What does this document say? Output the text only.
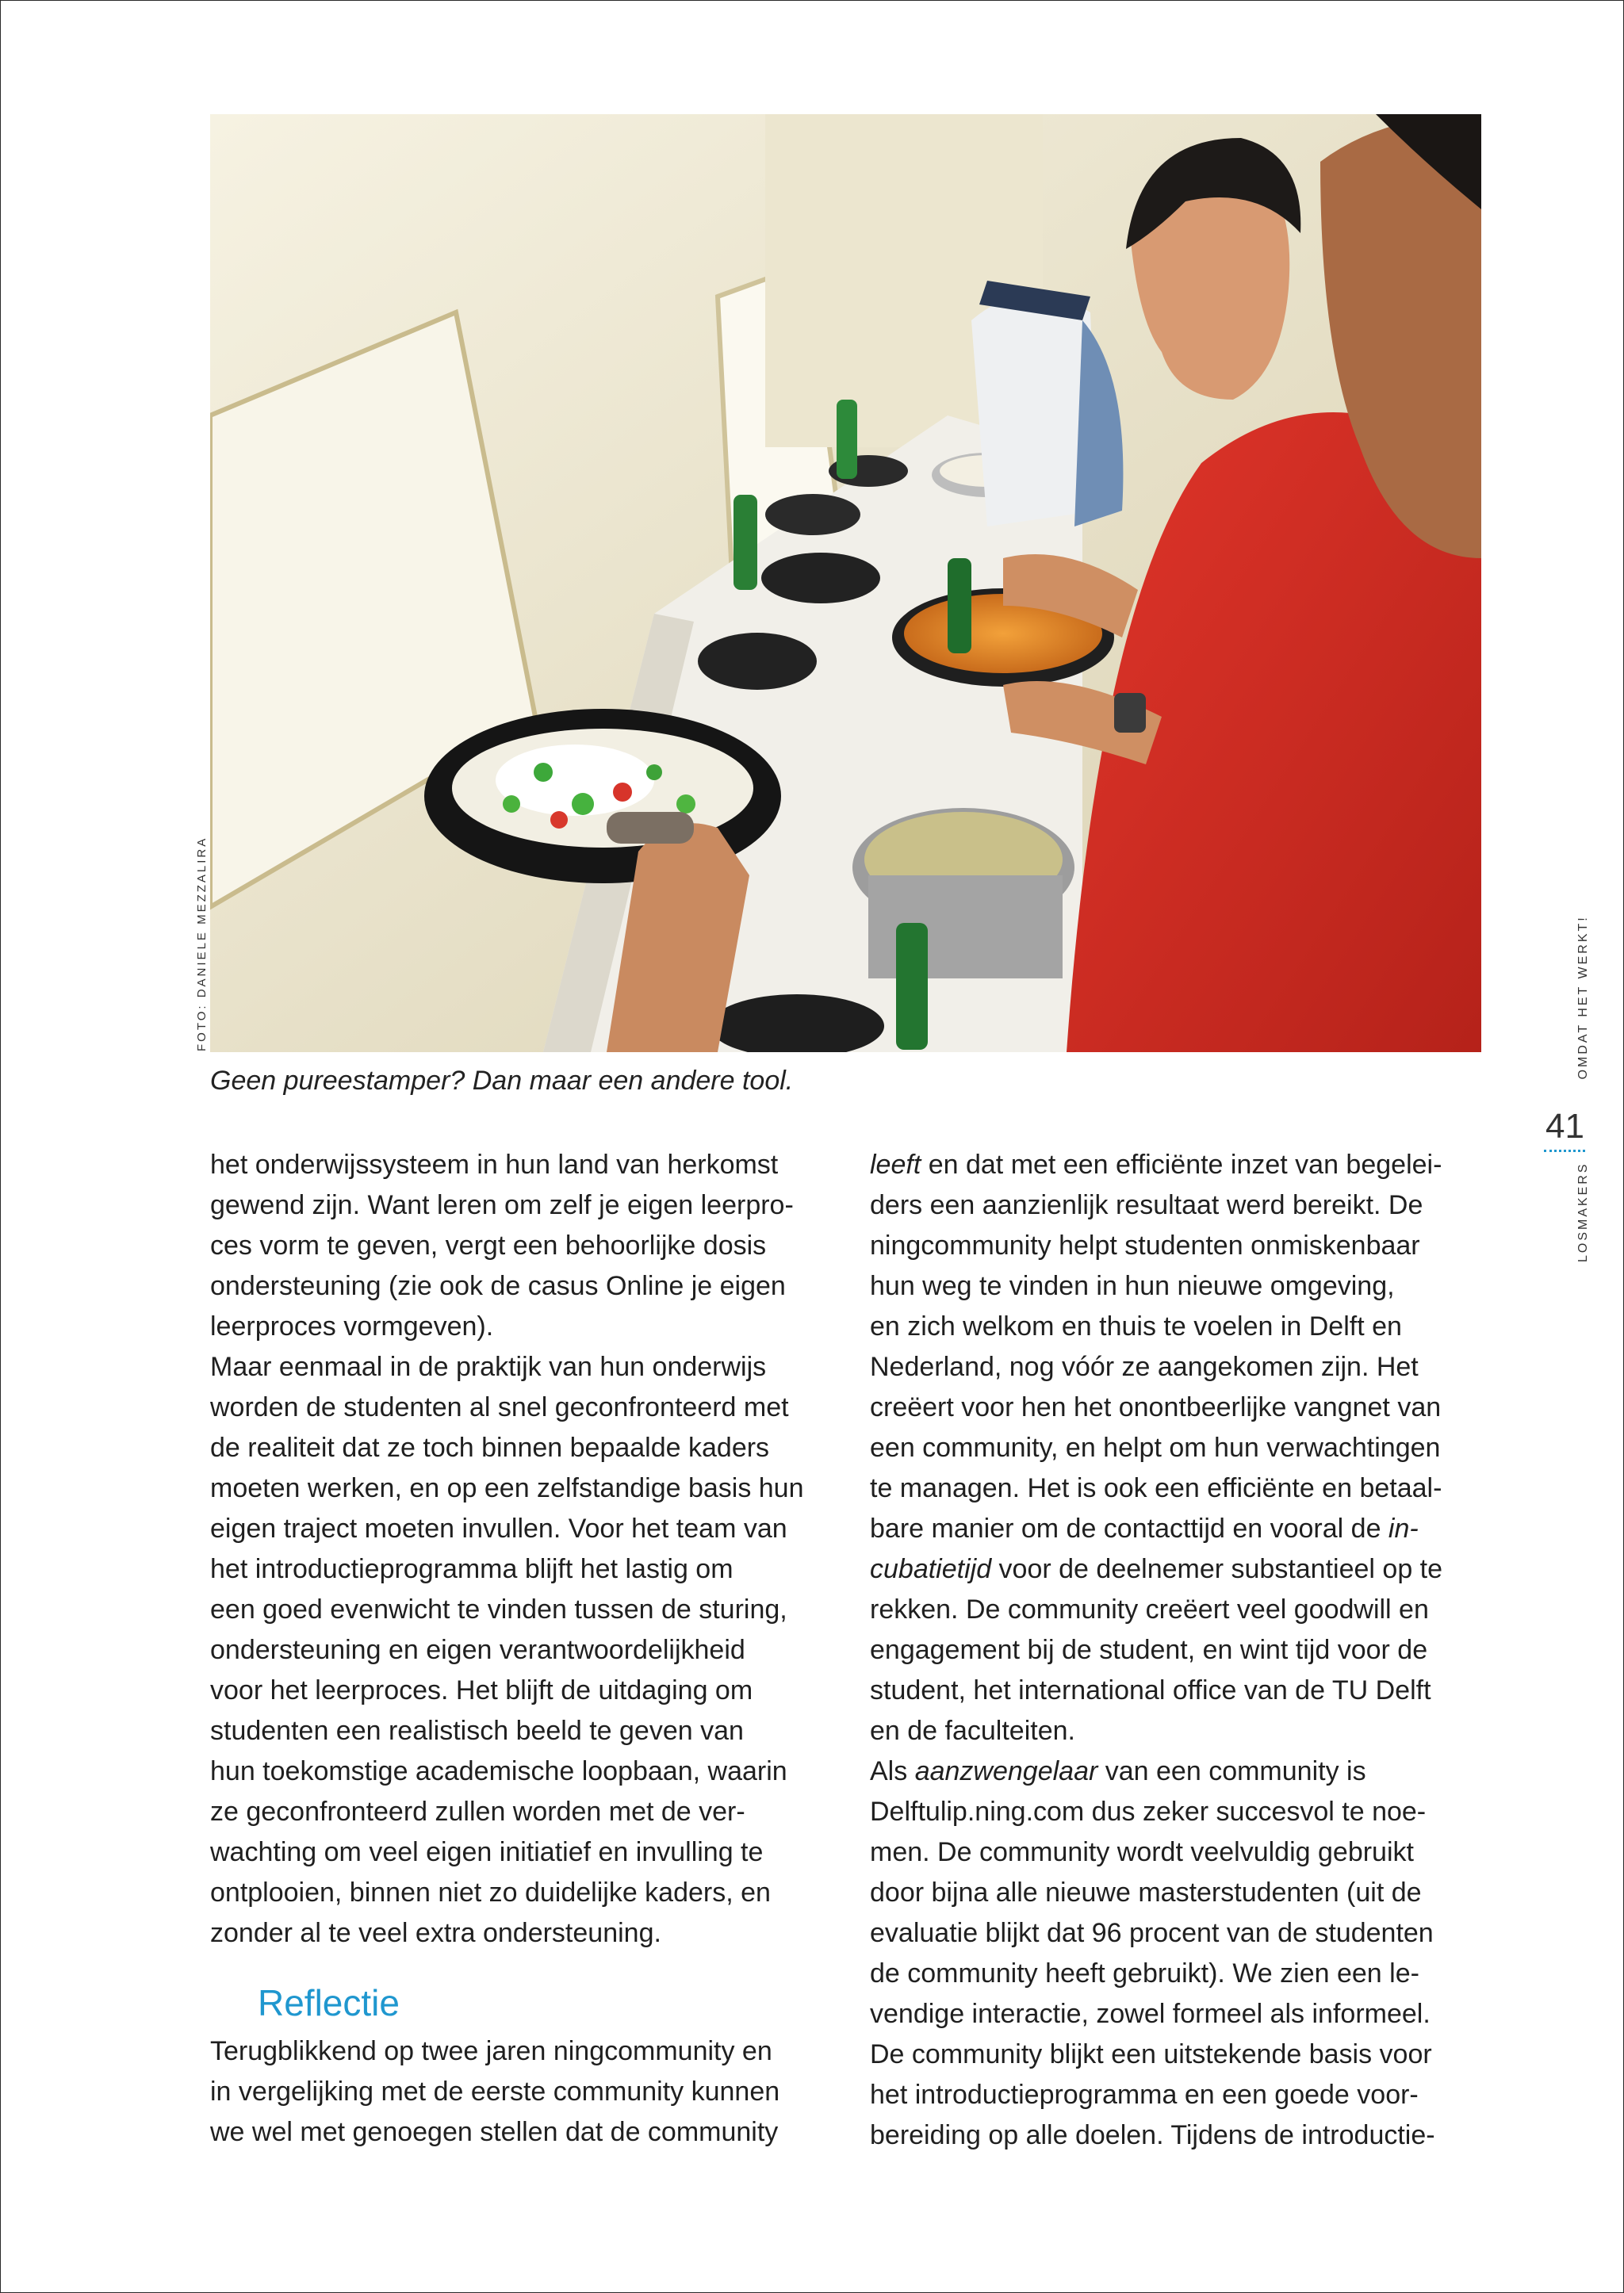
FOTO: DANIELE MEZZALIRA
Geen pureestamper? Dan maar een andere tool.

het onderwijssysteem in hun land van herkomst

gewend zijn. Want leren om zelf je eigen leerpro-

ces vorm te geven, vergt een behoorlijke dosis

ondersteuning (zie ook de casus Online je eigen

leerproces vormgeven).

Maar eenmaal in de praktijk van hun onderwijs

worden de studenten al snel geconfronteerd met

de realiteit dat ze toch binnen bepaalde kaders

moeten werken, en op een zelfstandige basis hun

eigen traject moeten invullen. Voor het team van

het introductieprogramma blijft het lastig om

een goed evenwicht te vinden tussen de sturing,

ondersteuning en eigen verantwoordelijkheid

voor het leerproces. Het blijft de uitdaging om

studenten een realistisch beeld te geven van

hun toekomstige academische loopbaan, waarin

ze geconfronteerd zullen worden met de ver-

wachting om veel eigen initiatief en invulling te

ontplooien, binnen niet zo duidelijke kaders, en

zonder al te veel extra ondersteuning.

Reflectie

Terugblikkend op twee jaren ningcommunity en

in vergelijking met de eerste community kunnen

we wel met genoegen stellen dat de community

leeft en dat met een efficiënte inzet van begelei-

ders een aanzienlijk resultaat werd bereikt. De

ningcommunity helpt studenten onmiskenbaar

hun weg te vinden in hun nieuwe omgeving,

en zich welkom en thuis te voelen in Delft en

Nederland, nog vóór ze aangekomen zijn. Het

creëert voor hen het onontbeerlijke vangnet van

een community, en helpt om hun verwachtingen

te managen. Het is ook een efficiënte en betaal-

bare manier om de contacttijd en vooral de in-

cubatietijd voor de deelnemer substantieel op te

rekken. De community creëert veel goodwill en

engagement bij de student, en wint tijd voor de

student, het international office van de TU Delft

en de faculteiten.

Als aanzwengelaar van een community is

Delftulip.ning.com dus zeker succesvol te noe-

men. De community wordt veelvuldig gebruikt

door bijna alle nieuwe masterstudenten (uit de

evaluatie blijkt dat 96 procent van de studenten

de community heeft gebruikt). We zien een le-

vendige interactie, zowel formeel als informeel.

De community blijkt een uitstekende basis voor

het introductieprogramma en een goede voor-

bereiding op alle doelen. Tijdens de introductie-

41
LOSMAKERS
OMDAT HET WERKT!
